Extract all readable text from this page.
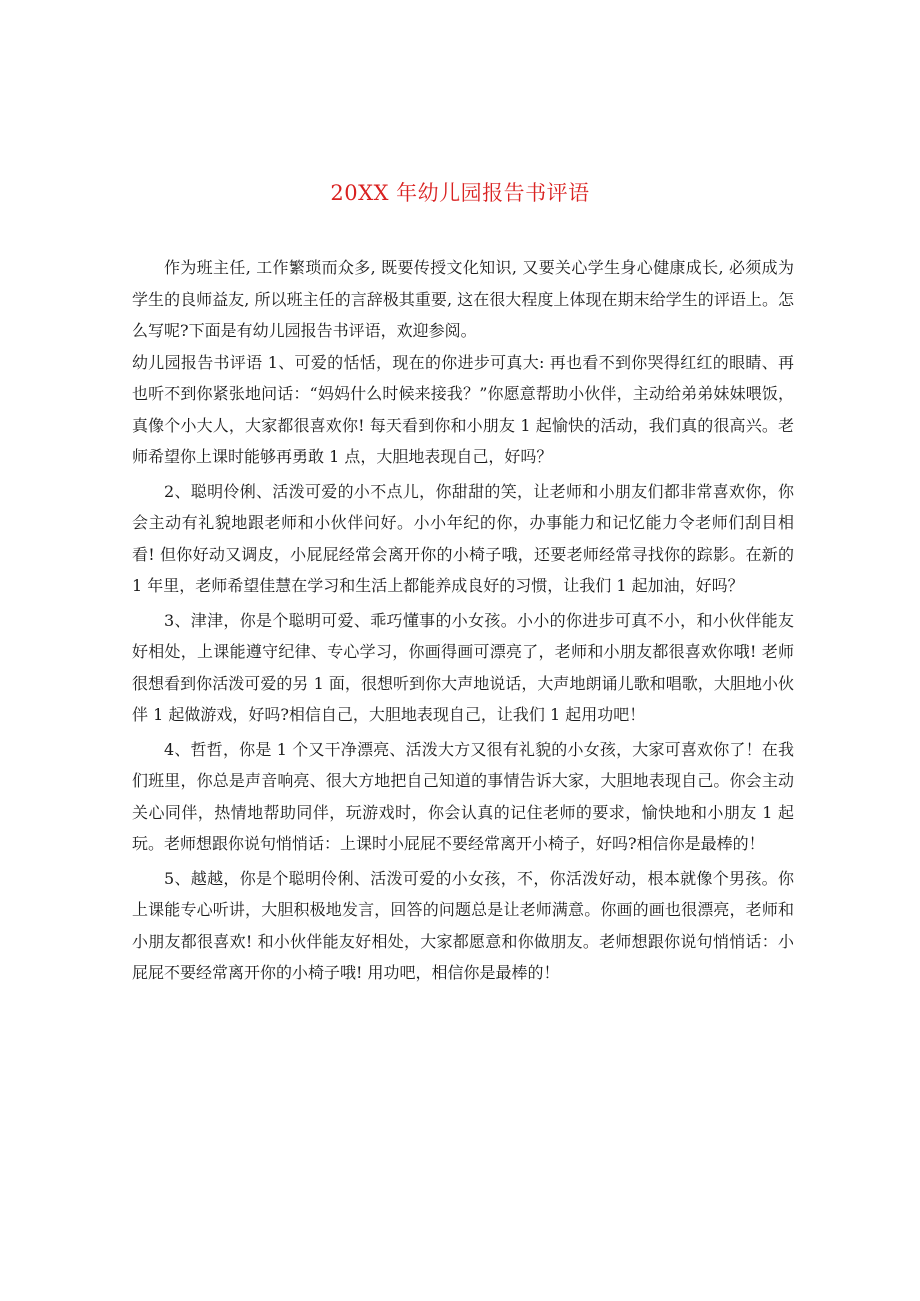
20XX 年幼儿园报告书评语

作为班主任, 工作繁琐而众多, 既要传授文化知识, 又要关心学生身心健康成长, 必须成为学生的良师益友, 所以班主任的言辞极其重要, 这在很大程度上体现在期末给学生的评语上。怎么写呢?下面是有幼儿园报告书评语，欢迎参阅。

幼儿园报告书评语 1、可爱的恬恬，现在的你进步可真大: 再也看不到你哭得红红的眼睛、再也听不到你紧张地问话：“妈妈什么时候来接我？”你愿意帮助小伙伴，主动给弟弟妹妹喂饭，真像个小大人，大家都很喜欢你! 每天看到你和小朋友 1 起愉快的活动，我们真的很高兴。老师希望你上课时能够再勇敢 1 点，大胆地表现自己，好吗？

2、聪明伶俐、活泼可爱的小不点儿，你甜甜的笑，让老师和小朋友们都非常喜欢你，你会主动有礼貌地跟老师和小伙伴问好。小小年纪的你，办事能力和记忆能力令老师们刮目相看! 但你好动又调皮，小屁屁经常会离开你的小椅子哦，还要老师经常寻找你的踪影。在新的 1 年里，老师希望佳慧在学习和生活上都能养成良好的习惯，让我们 1 起加油，好吗？

3、津津，你是个聪明可爱、乖巧懂事的小女孩。小小的你进步可真不小，和小伙伴能友好相处，上课能遵守纪律、专心学习，你画得画可漂亮了，老师和小朋友都很喜欢你哦! 老师很想看到你活泼可爱的另 1 面，很想听到你大声地说话，大声地朗诵儿歌和唱歌，大胆地小伙伴 1 起做游戏，好吗?相信自己，大胆地表现自己，让我们 1 起用功吧！

4、哲哲，你是 1 个又干净漂亮、活泼大方又很有礼貌的小女孩，大家可喜欢你了！在我们班里，你总是声音响亮、很大方地把自己知道的事情告诉大家，大胆地表现自己。你会主动关心同伴，热情地帮助同伴，玩游戏时，你会认真的记住老师的要求，愉快地和小朋友 1 起玩。老师想跟你说句悄悄话：上课时小屁屁不要经常离开小椅子，好吗?相信你是最棒的！

5、越越，你是个聪明伶俐、活泼可爱的小女孩，不，你活泼好动，根本就像个男孩。你上课能专心听讲，大胆积极地发言，回答的问题总是让老师满意。你画的画也很漂亮，老师和小朋友都很喜欢! 和小伙伴能友好相处，大家都愿意和你做朋友。老师想跟你说句悄悄话：小屁屁不要经常离开你的小椅子哦! 用功吧，相信你是最棒的！
